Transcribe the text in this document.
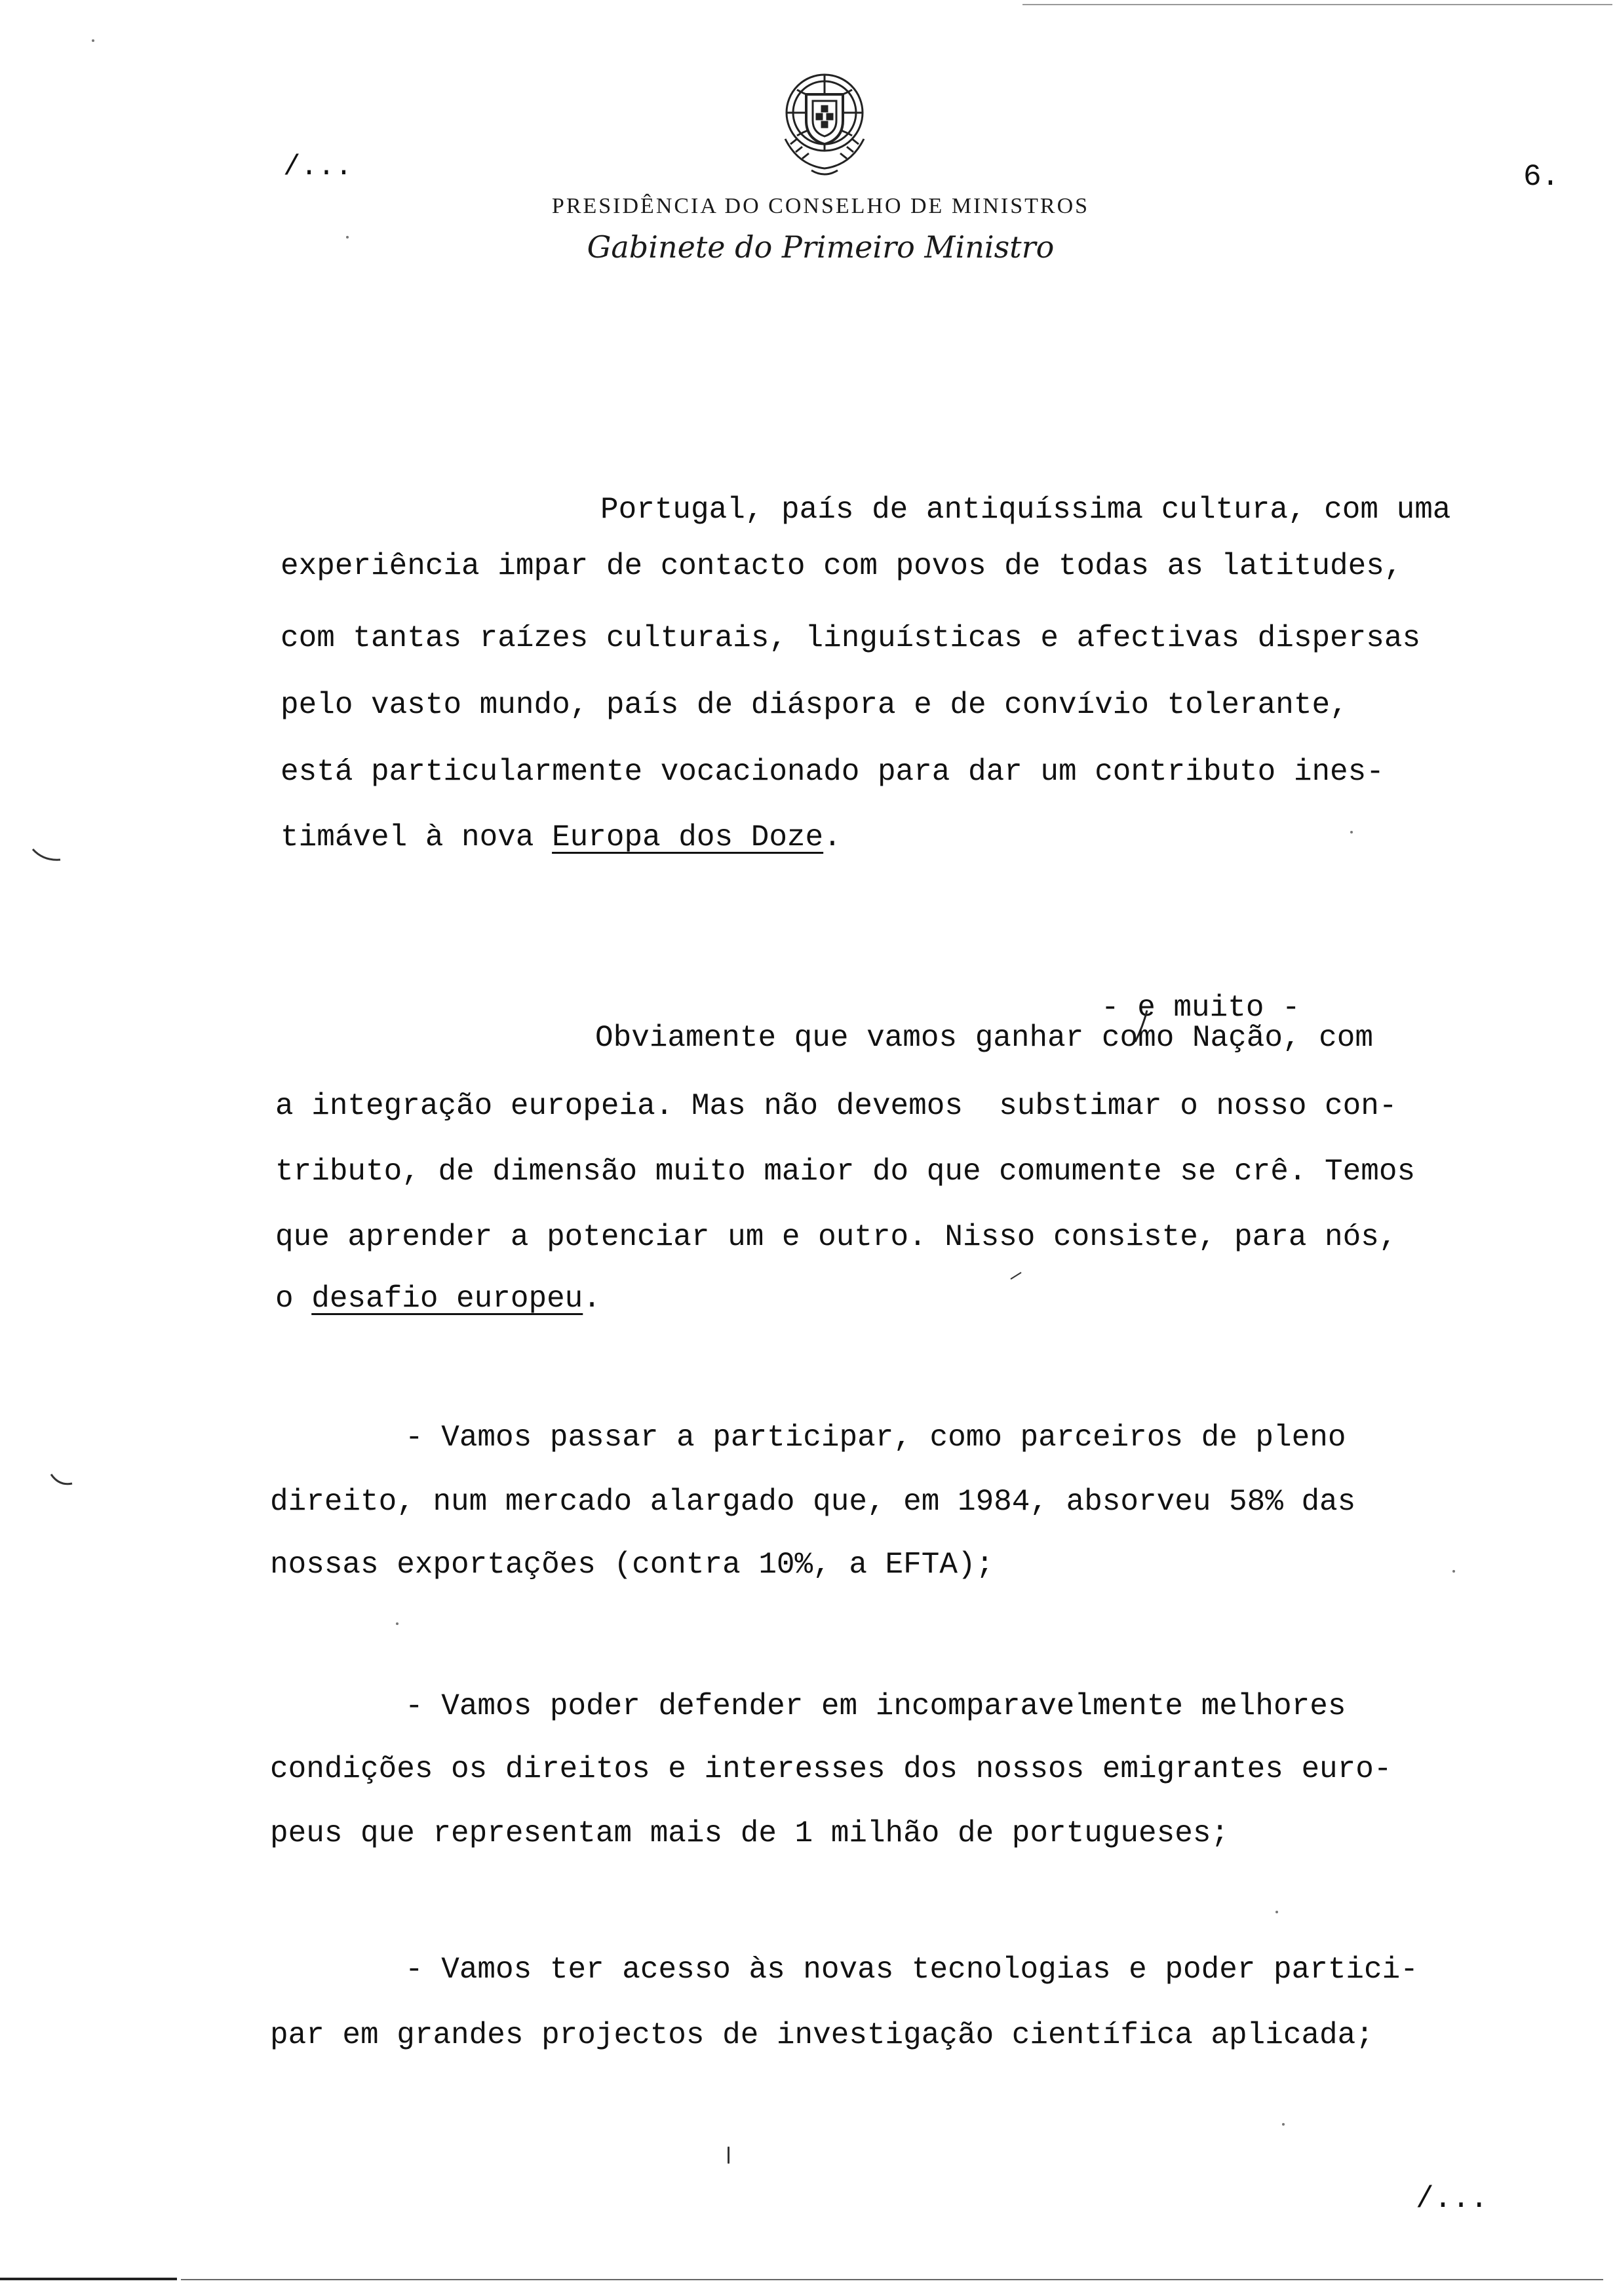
/...	6.
PRESIDÊNCIA DO CONSELHO DE MINISTROS
Gabinete do Primeiro Ministro
Portugal, país de antiquíssima cultura, com uma
experiência impar de contacto com povos de todas as latitudes,
com tantas raízes culturais, linguísticas e afectivas dispersas
pelo vasto mundo, país de diáspora e de convívio tolerante,
está particularmente vocacionado para dar um contributo ines-
timável à nova Europa dos Doze.
- e muito -
Obviamente que vamos ganhar como Nação, com
a integração europeia. Mas não devemos  substimar o nosso con-
tributo, de dimensão muito maior do que comumente se crê. Temos
que aprender a potenciar um e outro. Nisso consiste, para nós,
o desafio europeu.
- Vamos passar a participar, como parceiros de pleno
direito, num mercado alargado que, em 1984, absorveu 58% das
nossas exportações (contra 10%, a EFTA);
- Vamos poder defender em incomparavelmente melhores
condições os direitos e interesses dos nossos emigrantes euro-
peus que representam mais de 1 milhão de portugueses;
- Vamos ter acesso às novas tecnologias e poder partici-
par em grandes projectos de investigação científica aplicada;
/...
